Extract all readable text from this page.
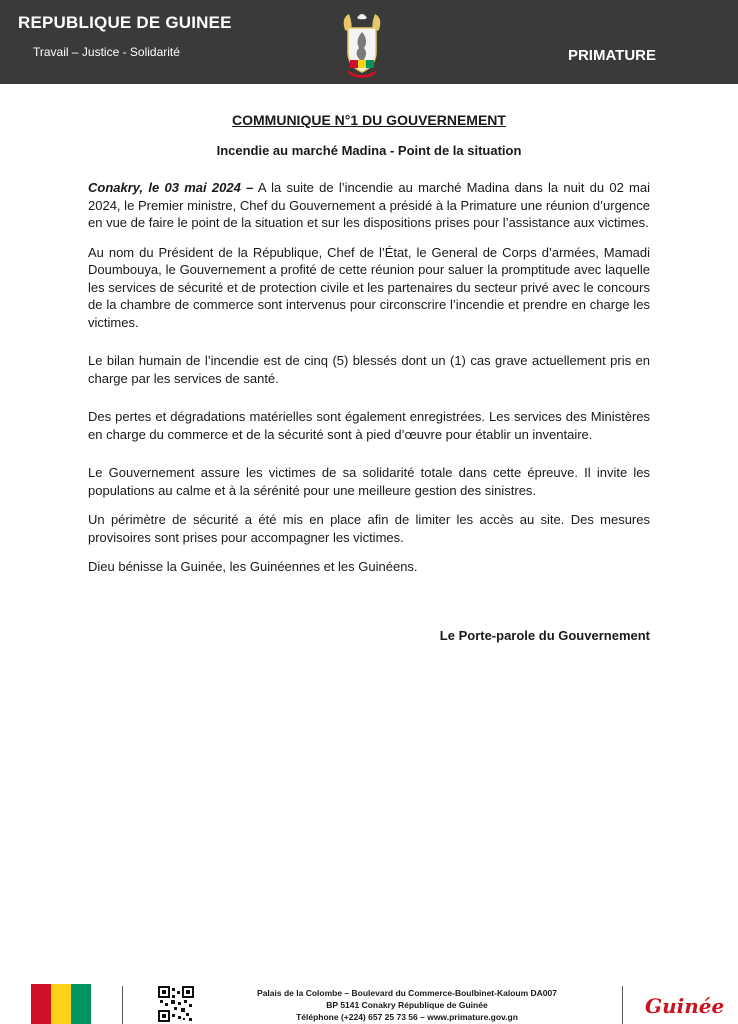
REPUBLIQUE DE GUINEE
Travail – Justice - Solidarité	PRIMATURE
COMMUNIQUE N°1 DU GOUVERNEMENT
Incendie au marché Madina - Point de la situation

Conakry, le 03 mai 2024 – A la suite de l’incendie au marché Madina dans la nuit du 02 mai 2024, le Premier ministre, Chef du Gouvernement a présidé à la Primature une réunion d’urgence en vue de faire le point de la situation et sur les dispositions prises pour l’assistance aux victimes.

Au nom du Président de la République, Chef de l’État, le General de Corps d’armées, Mamadi Doumbouya, le Gouvernement a profité de cette réunion pour saluer la promptitude avec laquelle les services de sécurité et de protection civile et les partenaires du secteur privé avec le concours de la chambre de commerce sont intervenus pour circonscrire l’incendie et prendre en charge les victimes.

Le bilan humain de l’incendie est de cinq (5) blessés dont un (1) cas grave actuellement pris en charge par les services de santé.

Des pertes et dégradations matérielles sont également enregistrées. Les services des Ministères en charge du commerce et de la sécurité sont à pied d’œuvre pour établir un inventaire.

Le Gouvernement assure les victimes de sa solidarité totale dans cette épreuve. Il invite les populations au calme et à la sérénité pour une meilleure gestion des sinistres.

Un périmètre de sécurité a été mis en place afin de limiter les accès au site. Des mesures provisoires sont prises pour accompagner les victimes.

Dieu bénisse la Guinée, les Guinéennes et les Guinéens.

Le Porte-parole du Gouvernement
Palais de la Colombe – Boulevard du Commerce-Boulbinet-Kaloum DA007
BP 5141 Conakry République de Guinée
Téléphone (+224) 657 25 73 56 – www.primature.gov.gn	Guinée
